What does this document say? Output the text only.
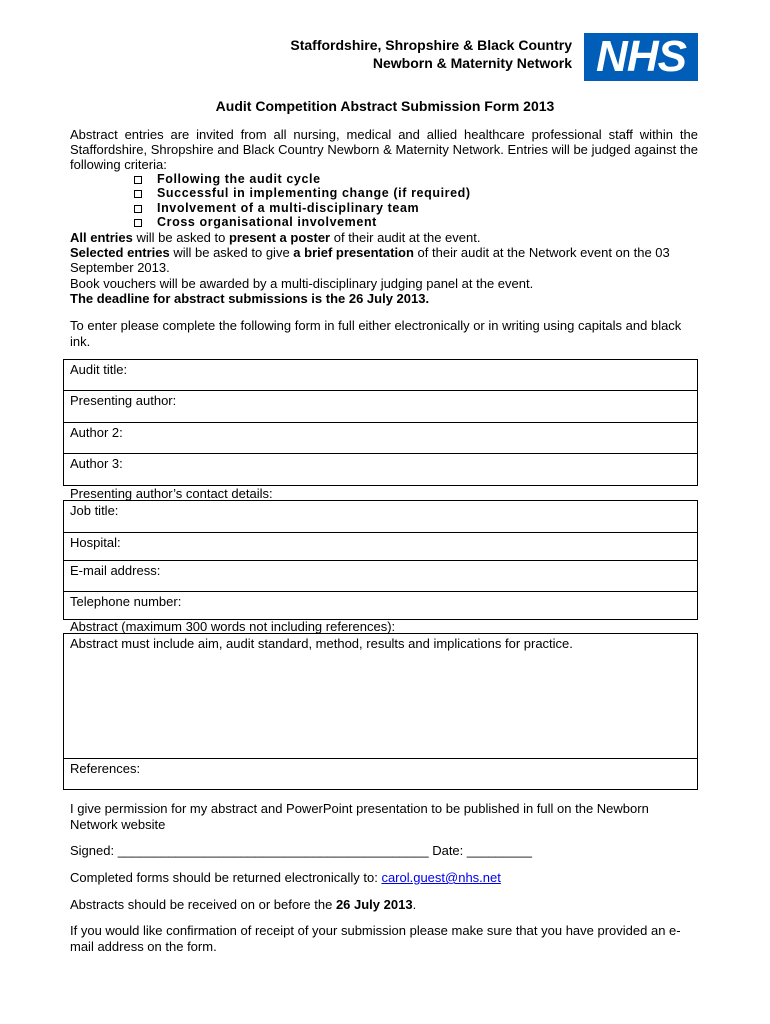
Staffordshire, Shropshire & Black Country
Newborn & Maternity Network NHS
Audit Competition Abstract Submission Form 2013
Abstract entries are invited from all nursing, medical and allied healthcare professional staff within the Staffordshire, Shropshire and Black Country Newborn & Maternity Network. Entries will be judged against the following criteria:
Following the audit cycle
Successful in implementing change (if required)
Involvement of a multi-disciplinary team
Cross organisational involvement
All entries will be asked to present a poster of their audit at the event.
Selected entries will be asked to give a brief presentation of their audit at the Network event on the 03 September 2013.
Book vouchers will be awarded by a multi-disciplinary judging panel at the event.
The deadline for abstract submissions is the 26 July 2013.
To enter please complete the following form in full either electronically or in writing using capitals and black ink.
Audit title:
Presenting author:
Author 2:
Author 3:
Presenting author’s contact details:
Job title:
Hospital:
E-mail address:
Telephone number:
Abstract (maximum 300 words not including references):
Abstract must include aim, audit standard, method, results and implications for practice.
References:
I give permission for my abstract and PowerPoint presentation to be published in full on the Newborn Network website
Signed: ___________________________________________ Date: _________
Completed forms should be returned electronically to: carol.guest@nhs.net
Abstracts should be received on or before the 26 July 2013.
If you would like confirmation of receipt of your submission please make sure that you have provided an e-mail address on the form.
